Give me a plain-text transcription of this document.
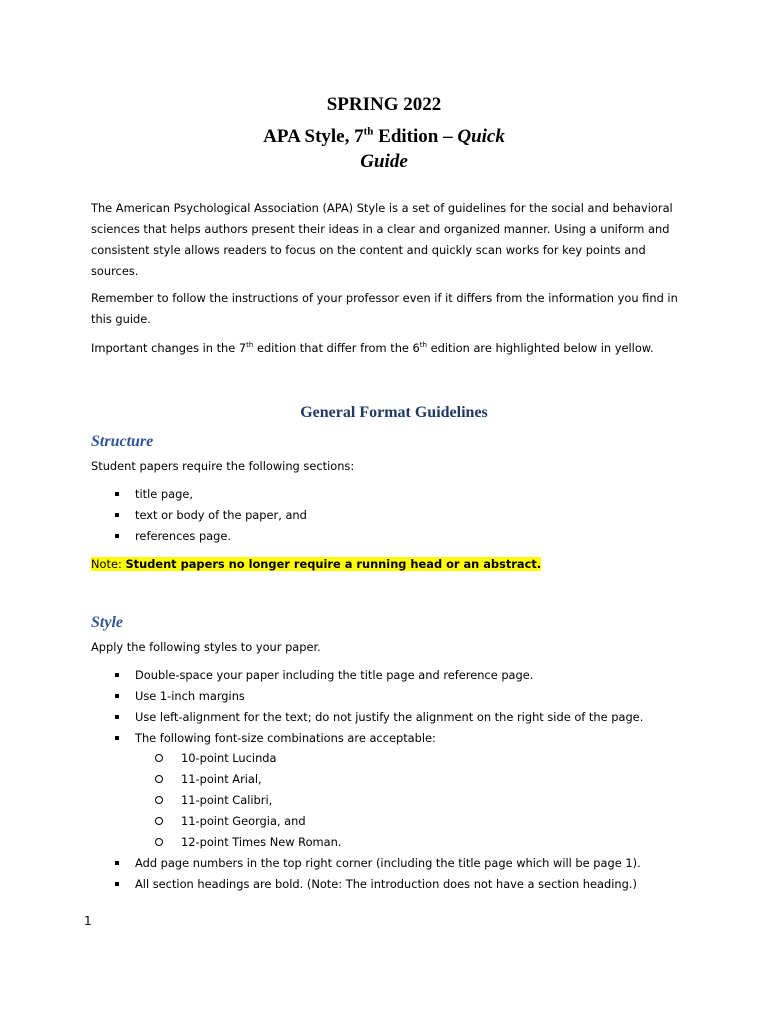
SPRING 2022

APA Style, 7th Edition – Quick

Guide

The American Psychological Association (APA) Style is a set of guidelines for the social and behavioral sciences that helps authors present their ideas in a clear and organized manner. Using a uniform and consistent style allows readers to focus on the content and quickly scan works for key points and sources.

Remember to follow the instructions of your professor even if it differs from the information you find in this guide.

Important changes in the 7th edition that differ from the 6th edition are highlighted below in yellow.

General Format Guidelines
Structure

Student papers require the following sections:

title page,
text or body of the paper, and
references page.

Note: Student papers no longer require a running head or an abstract.

Style

Apply the following styles to your paper.

Double-space your paper including the title page and reference page.
Use 1-inch margins
Use left-alignment for the text; do not justify the alignment on the right side of the page.
The following font-size combinations are acceptable:
10-point Lucinda
11-point Arial,
11-point Calibri,
11-point Georgia, and
12-point Times New Roman.
Add page numbers in the top right corner (including the title page which will be page 1).
All section headings are bold. (Note: The introduction does not have a section heading.)

1
